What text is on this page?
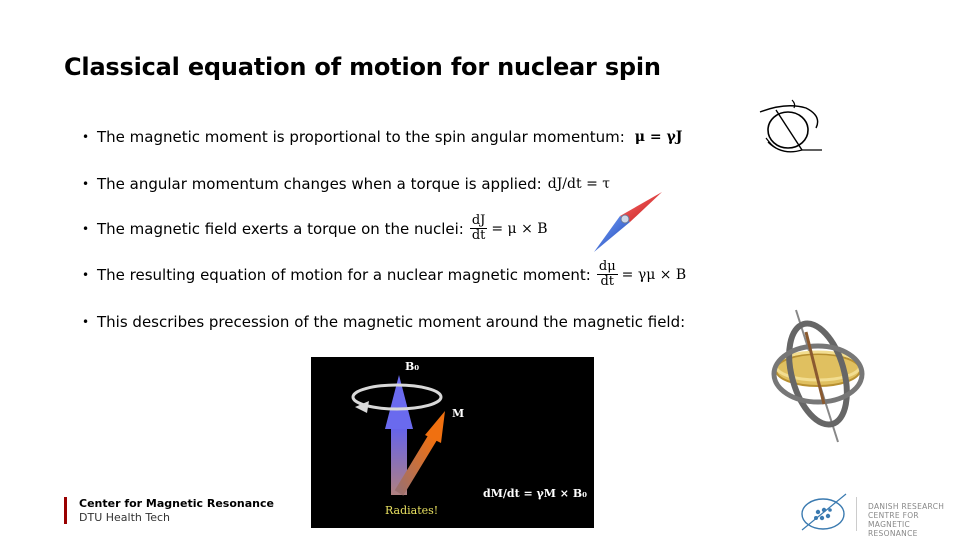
Classical equation of motion for nuclear spin
• The magnetic moment is proportional to the spin angular momentum: μ = γJ
• The angular momentum changes when a torque is applied: dJ/dt = τ
• The magnetic field exerts a torque on the nuclei: $\frac{dJ}{dt} = \mu \times B$
• The resulting equation of motion for a nuclear magnetic moment: $\frac{d\mu}{dt} = \gamma\mu \times B$
• This describes precession of the magnetic moment around the magnetic field:
B₀
M
Radiates!
dM/dt = γM × B₀
Center for Magnetic Resonance
DTU Health Tech
DANISH RESEARCH
CENTRE FOR
MAGNETIC RESONANCE
